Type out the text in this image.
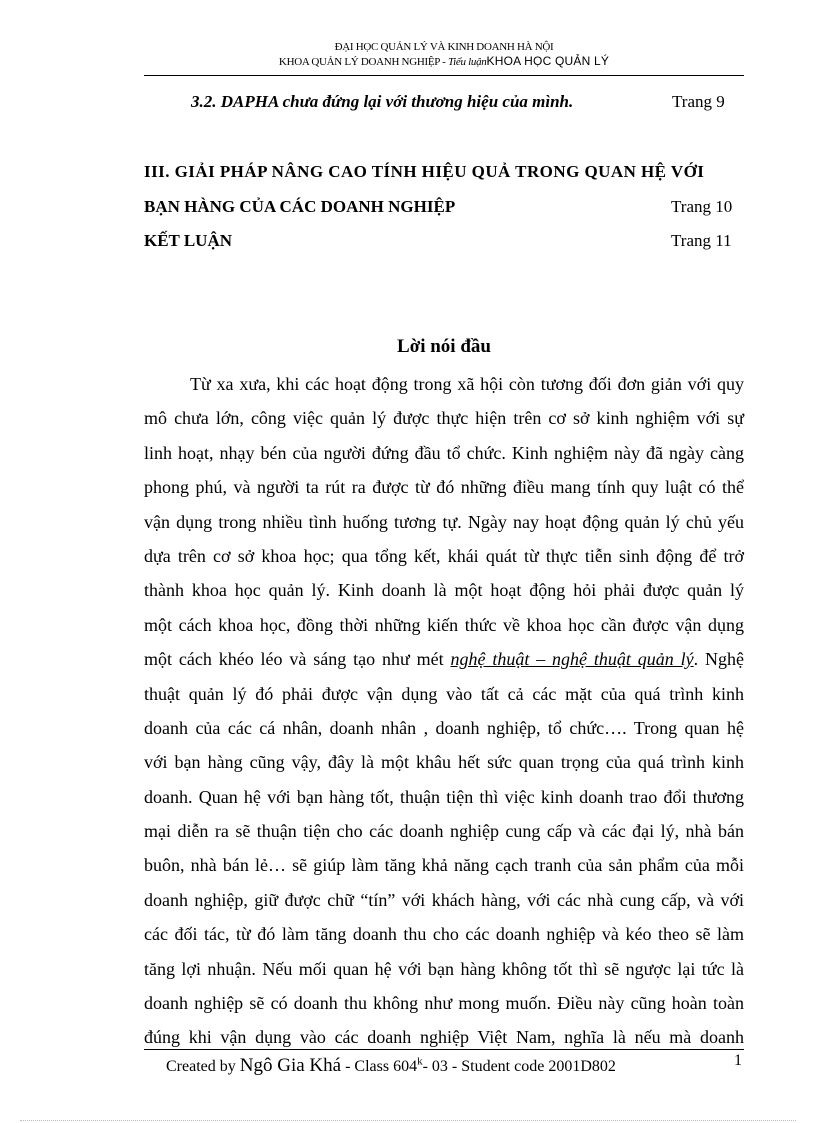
ĐẠI HỌC QUẢN LÝ VÀ KINH DOANH HÀ NỘI
KHOA QUẢN LÝ DOANH NGHIỆP - Tiểu luậnKHOA HỌC QUẢN LÝ
3.2. DAPHA chưa đứng lại với thương hiệu của mình.	Trang 9
III. GIẢI PHÁP NÂNG CAO TÍNH HIỆU QUẢ TRONG QUAN HỆ VỚI
BẠN HÀNG CỦA CÁC DOANH NGHIỆP	Trang 10
KẾT LUẬN	Trang 11
Lời nói đầu
Từ xa xưa, khi các hoạt động trong xã hội còn tương đối đơn giản với quy
mô chưa lớn, công việc quản lý được thực hiện trên cơ sở kinh nghiệm với sự
linh hoạt, nhạy bén của người đứng đầu tổ chức. Kinh nghiệm này đã ngày càng
phong phú, và người ta rút ra được từ đó những điều mang tính quy luật có thể
vận dụng trong nhiều tình huống tương tự. Ngày nay hoạt động quản lý chủ yếu
dựa trên cơ sở khoa học; qua tổng kết, khái quát từ thực tiễn sinh động để trở
thành khoa học quản lý. Kinh doanh là một hoạt động hỏi phải được quản lý
một cách khoa học, đồng thời những kiến thức về khoa học cần được vận dụng
một cách khéo léo và sáng tạo như mét nghệ thuật – nghệ thuật quản lý. Nghệ
thuật quản lý đó phải được vận dụng vào tất cả các mặt của quá trình kinh
doanh của các cá nhân, doanh nhân , doanh nghiệp, tổ chức…. Trong quan hệ
với bạn hàng cũng vậy, đây là một khâu hết sức quan trọng của quá trình kinh
doanh. Quan hệ với bạn hàng tốt, thuận tiện thì việc kinh doanh trao đổi thương
mại diễn ra sẽ thuận tiện cho các doanh nghiệp cung cấp và các đại lý, nhà bán
buôn, nhà bán lẻ… sẽ giúp làm tăng khả năng cạch tranh của sản phẩm của mỗi
doanh nghiệp, giữ được chữ “tín” với khách hàng, với các nhà cung cấp, và với
các đối tác, từ đó làm tăng doanh thu cho các doanh nghiệp và kéo theo sẽ làm
tăng lợi nhuận. Nếu mối quan hệ với bạn hàng không tốt thì sẽ ngược lại tức là
doanh nghiệp sẽ có doanh thu không như mong muốn. Điều này cũng hoàn toàn
đúng khi vận dụng vào các doanh nghiệp Việt Nam, nghĩa là nếu mà doanh
Created by Ngô Gia Khá - Class 604$^k$- 03 - Student code 2001D802	1
